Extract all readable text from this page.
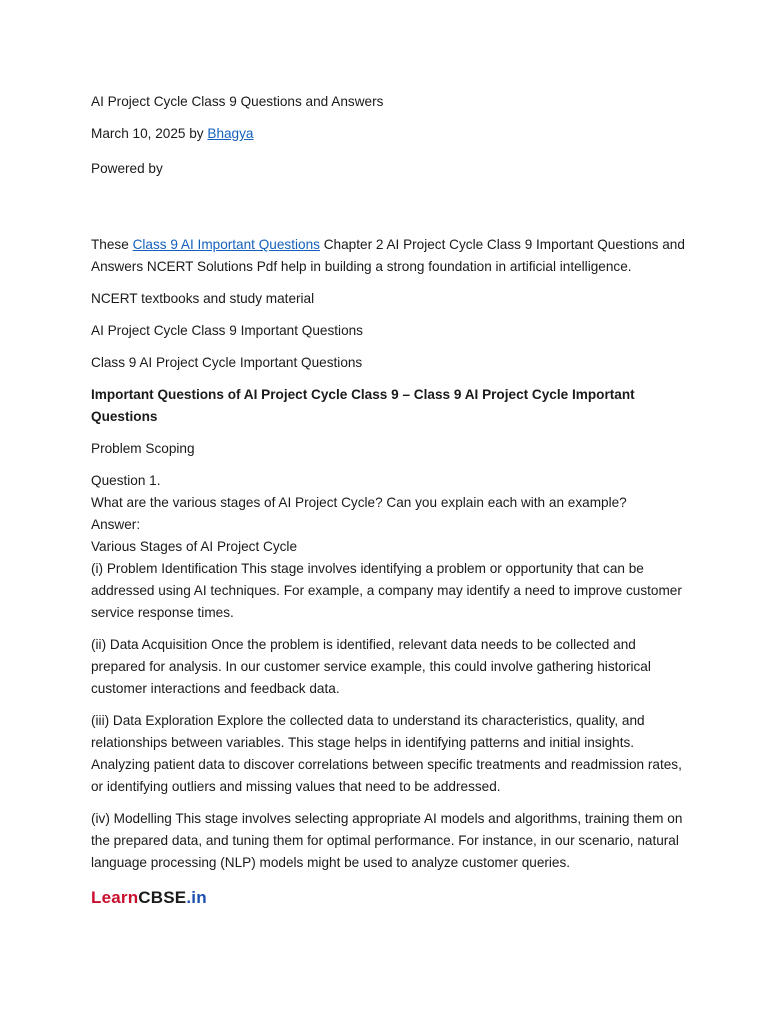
AI Project Cycle Class 9 Questions and Answers

March 10, 2025 by Bhagya

Powered by

These Class 9 AI Important Questions Chapter 2 AI Project Cycle Class 9 Important Questions and Answers NCERT Solutions Pdf help in building a strong foundation in artificial intelligence.

NCERT textbooks and study material

AI Project Cycle Class 9 Important Questions

Class 9 AI Project Cycle Important Questions

Important Questions of AI Project Cycle Class 9 – Class 9 AI Project Cycle Important Questions

Problem Scoping

Question 1.

What are the various stages of AI Project Cycle? Can you explain each with an example?

Answer:

Various Stages of AI Project Cycle

(i) Problem Identification This stage involves identifying a problem or opportunity that can be addressed using AI techniques. For example, a company may identify a need to improve customer service response times.

(ii) Data Acquisition Once the problem is identified, relevant data needs to be collected and prepared for analysis. In our customer service example, this could involve gathering historical customer interactions and feedback data.

(iii) Data Exploration Explore the collected data to understand its characteristics, quality, and relationships between variables. This stage helps in identifying patterns and initial insights. Analyzing patient data to discover correlations between specific treatments and readmission rates, or identifying outliers and missing values that need to be addressed.

(iv) Modelling This stage involves selecting appropriate AI models and algorithms, training them on the prepared data, and tuning them for optimal performance. For instance, in our scenario, natural language processing (NLP) models might be used to analyze customer queries.

LearnCBSE.in
